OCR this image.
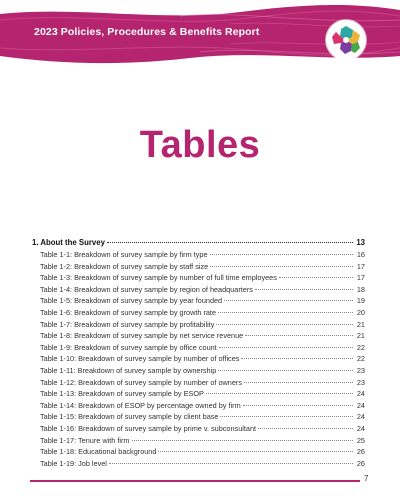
2023 Policies, Procedures & Benefits Report
Tables
1. About the Survey	13
Table 1-1: Breakdown of survey sample by firm type	16
Table 1-2: Breakdown of survey sample by staff size	17
Table 1-3: Breakdown of survey sample by number of full time employees	17
Table 1-4: Breakdown of survey sample by region of headquarters	18
Table 1-5: Breakdown of survey sample by year founded	19
Table 1-6: Breakdown of survey sample by growth rate	20
Table 1-7: Breakdown of survey sample by profitability	21
Table 1-8: Breakdown of survey sample by net service revenue	21
Table 1-9: Breakdown of survey sample by office count	22
Table 1-10: Breakdown of survey sample by number of offices	22
Table 1-11: Breakdown of survey sample by ownership	23
Table 1-12: Breakdown of survey sample by number of owners	23
Table 1-13: Breakdown of survey sample by ESOP	24
Table 1-14: Breakdown of ESOP by percentage owned by firm	24
Table 1-15: Breakdown of survey sample by client base	24
Table 1-16: Breakdown of survey sample by prime v. subconsultant	24
Table 1-17: Tenure with firm	25
Table 1-18: Educational background	26
Table 1-19: Job level	26
7
